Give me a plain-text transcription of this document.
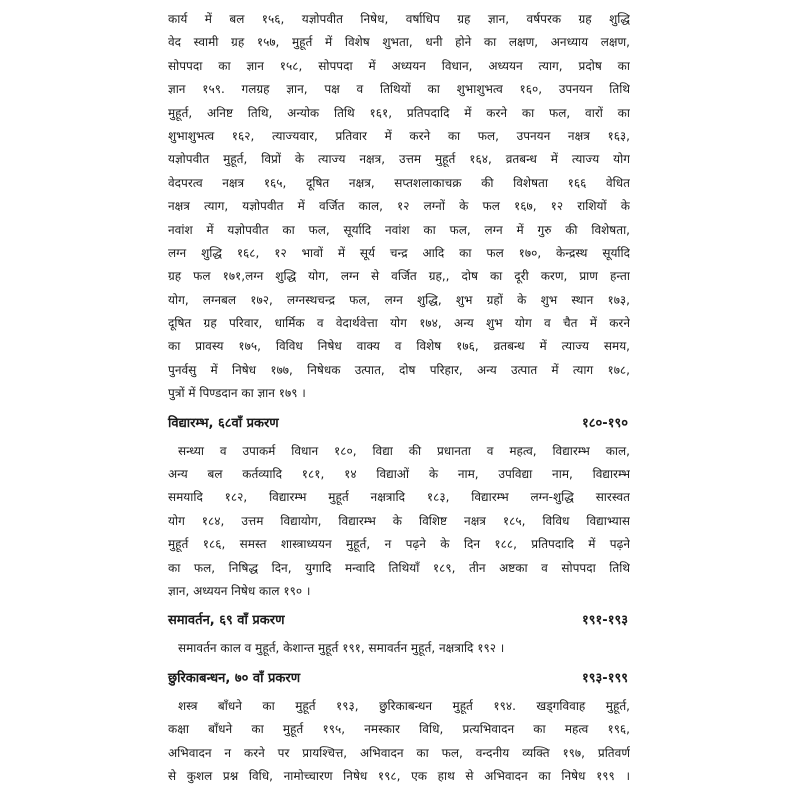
कार्य में बल १५६, यज्ञोपवीत निषेध, वर्षाधिप ग्रह ज्ञान, वर्षपरक ग्रह शुद्धि
वेद स्वामी ग्रह १५७, मुहूर्त में विशेष शुभता, धनी होने का लक्षण, अनध्याय लक्षण,
सोपपदा का ज्ञान १५८, सोपपदा में अध्ययन विधान, अध्ययन त्याग, प्रदोष का
ज्ञान १५९. गलग्रह ज्ञान, पक्ष व तिथियों का शुभाशुभत्व १६०, उपनयन तिथि
मुहूर्त, अनिष्ट तिथि, अन्योक तिथि १६१, प्रतिपदादि में करने का फल, वारों का
शुभाशुभत्व १६२, त्याज्यवार, प्रतिवार में करने का फल, उपनयन नक्षत्र १६३,
यज्ञोपवीत मुहूर्त, विप्रों के त्याज्य नक्षत्र, उत्तम मुहूर्त १६४, व्रतबन्ध में त्याज्य योग
वेदपरत्व नक्षत्र १६५, दूषित नक्षत्र, सप्तशलाकाचक्र की विशेषता १६६ वेधित
नक्षत्र त्याग, यज्ञोपवीत में वर्जित काल, १२ लग्नों के फल १६७, १२ राशियों के
नवांश में यज्ञोपवीत का फल, सूर्यादि नवांश का फल, लग्न में गुरु की विशेषता,
लग्न शुद्धि १६८, १२ भावों में सूर्य चन्द्र आदि का फल १७०, केन्द्रस्थ सूर्यादि
ग्रह फल १७१,लग्न शुद्धि योग, लग्न से वर्जित ग्रह,, दोष का दूरी करण, प्राण हन्ता
योग, लग्नबल १७२, लग्नस्थचन्द्र फल, लग्न शुद्धि, शुभ ग्रहों के शुभ स्थान १७३,
दूषित ग्रह परिवार, धार्मिक व वेदार्थवेत्ता योग १७४, अन्य शुभ योग व चैत में करने
का प्रावस्य १७५, विविध निषेध वाक्य व विशेष १७६, व्रतबन्ध में त्याज्य समय,
पुनर्वसु में निषेध १७७, निषेधक उत्पात, दोष परिहार, अन्य उत्पात में त्याग १७८,
पुत्रों में पिण्डदान का ज्ञान १७९ ।
विद्यारम्भ, ६८वाँ प्रकरण	१८०-१९०
सन्ध्या व उपाकर्म विधान १८०, विद्या की प्रधानता व महत्व, विद्यारम्भ काल,
अन्य बल कर्तव्यादि १८१, १४ विद्याओं के नाम, उपविद्या नाम, विद्यारम्भ
समयादि १८२, विद्यारम्भ मुहूर्त नक्षत्रादि १८३, विद्यारम्भ लग्न-शुद्धि सारस्वत
योग १८४, उत्तम विद्यायोग, विद्यारम्भ के विशिष्ट नक्षत्र १८५, विविध विद्याभ्यास
मुहूर्त १८६, समस्त शास्त्राध्ययन मुहूर्त, न पढ़ने के दिन १८८, प्रतिपदादि में पढ़ने
का फल, निषिद्ध दिन, युगादि मन्वादि तिथियाँ १८९, तीन अष्टका व सोपपदा तिथि
ज्ञान, अध्ययन निषेध काल १९० ।
समावर्तन, ६९ वाँ प्रकरण	१९१-१९३
समावर्तन काल व मुहूर्त, केशान्त मुहूर्त १९१, समावर्तन मुहूर्त, नक्षत्रादि १९२ ।
छुरिकाबन्धन, ७० वाँ प्रकरण	१९३-१९९
शस्त्र बाँधने का मुहूर्त १९३, छुरिकाबन्धन मुहूर्त १९४. खड्गविवाह मुहूर्त,
कक्षा बाँधने का मुहूर्त १९५, नमस्कार विधि, प्रत्यभिवादन का महत्व १९६,
अभिवादन न करने पर प्रायश्चित्त, अभिवादन का फल, वन्दनीय व्यक्ति १९७, प्रतिवर्ण
से कुशल प्रश्न विधि, नामोच्चारण निषेध १९८, एक हाथ से अभिवादन का निषेध १९९ ।
